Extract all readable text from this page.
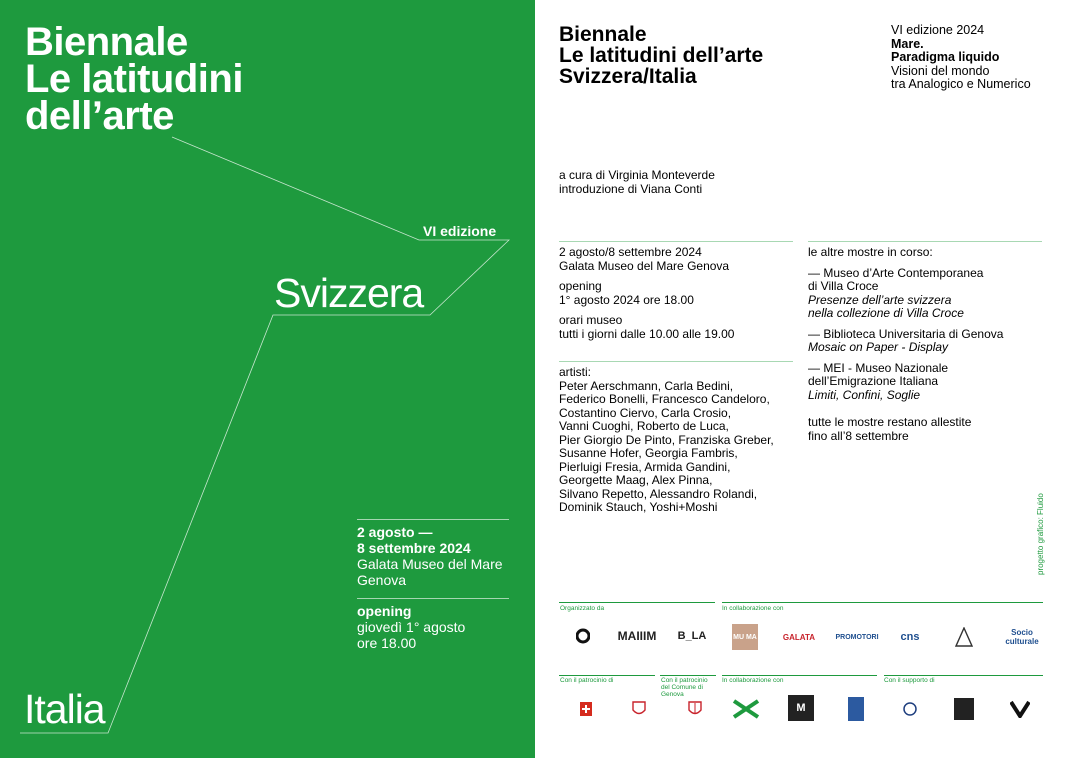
Biennale
Le latitudini
dell’arte
VI edizione
Svizzera
Italia
2 agosto —
8 settembre 2024
Galata Museo del Mare
Genova
opening
giovedì 1° agosto
ore 18.00
Biennale
Le latitudini dell’arte
Svizzera/Italia
VI edizione 2024
Mare.
Paradigma liquido
Visioni del mondo
tra Analogico e Numerico

a cura di Virginia Monteverde

introduzione di Viana Conti

2 agosto/8 settembre 2024

Galata Museo del Mare Genova

opening

1° agosto 2024 ore 18.00

orari museo

tutti i giorni dalle 10.00 alle 19.00

artisti:

Peter Aerschmann, Carla Bedini,

Federico Bonelli, Francesco Candeloro,

Costantino Ciervo, Carla Crosio,

Vanni Cuoghi, Roberto de Luca,

Pier Giorgio De Pinto, Franziska Greber,

Susanne Hofer, Georgia Fambris,

Pierluigi Fresia, Armida Gandini,

Georgette Maag, Alex Pinna,

Silvano Repetto, Alessandro Rolandi,

Dominik Stauch, Yoshi+Moshi

le altre mostre in corso:

— Museo d’Arte Contemporanea

di Villa Croce

Presenze dell’arte svizzera

nella collezione di Villa Croce

— Biblioteca Universitaria di Genova

Mosaic on Paper - Display

— MEI - Museo Nazionale

dell’Emigrazione Italiana

Limiti, Confini, Soglie

tutte le mostre restano allestite

fino all’8 settembre

progetto grafico: Fluido
Organizzato da	In collaborazione con
MAIIIM	B_LA	MU MA	GALATA	PROMOTORI	cns	Socio culturale
Con il patrocinio di	Con il patrocinio del Comune di Genova
In collaborazione con	Con il supporto di
M
